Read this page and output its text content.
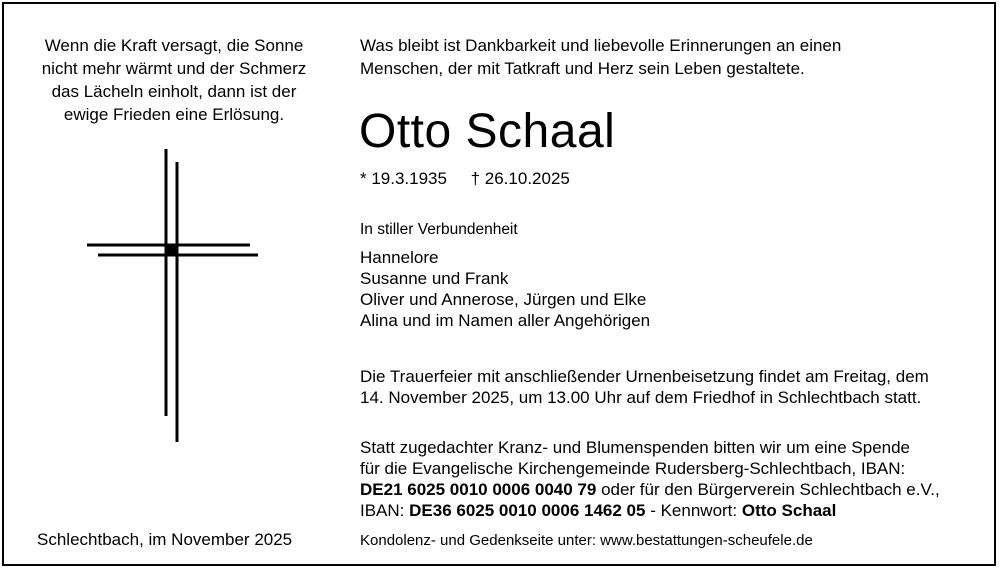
Wenn die Kraft versagt, die Sonne
nicht mehr wärmt und der Schmerz
das Lächeln einholt, dann ist der
ewige Frieden eine Erlösung.
Was bleibt ist Dankbarkeit und liebevolle Erinnerungen an einen
Menschen, der mit Tatkraft und Herz sein Leben gestaltete.
Otto Schaal
* 19.3.1935 † 26.10.2025
In stiller Verbundenheit
Hannelore
Susanne und Frank
Oliver und Annerose, Jürgen und Elke
Alina und im Namen aller Angehörigen
Die Trauerfeier mit anschließender Urnenbeisetzung findet am Freitag, dem
14. November 2025, um 13.00 Uhr auf dem Friedhof in Schlechtbach statt.
Statt zugedachter Kranz- und Blumenspenden bitten wir um eine Spende
für die Evangelische Kirchengemeinde Rudersberg-Schlechtbach, IBAN:
DE21 6025 0010 0006 0040 79 oder für den Bürgerverein Schlechtbach e.V.,
IBAN: DE36 6025 0010 0006 1462 05 - Kennwort: Otto Schaal
Schlechtbach, im November 2025	Kondolenz- und Gedenkseite unter: www.bestattungen-scheufele.de
